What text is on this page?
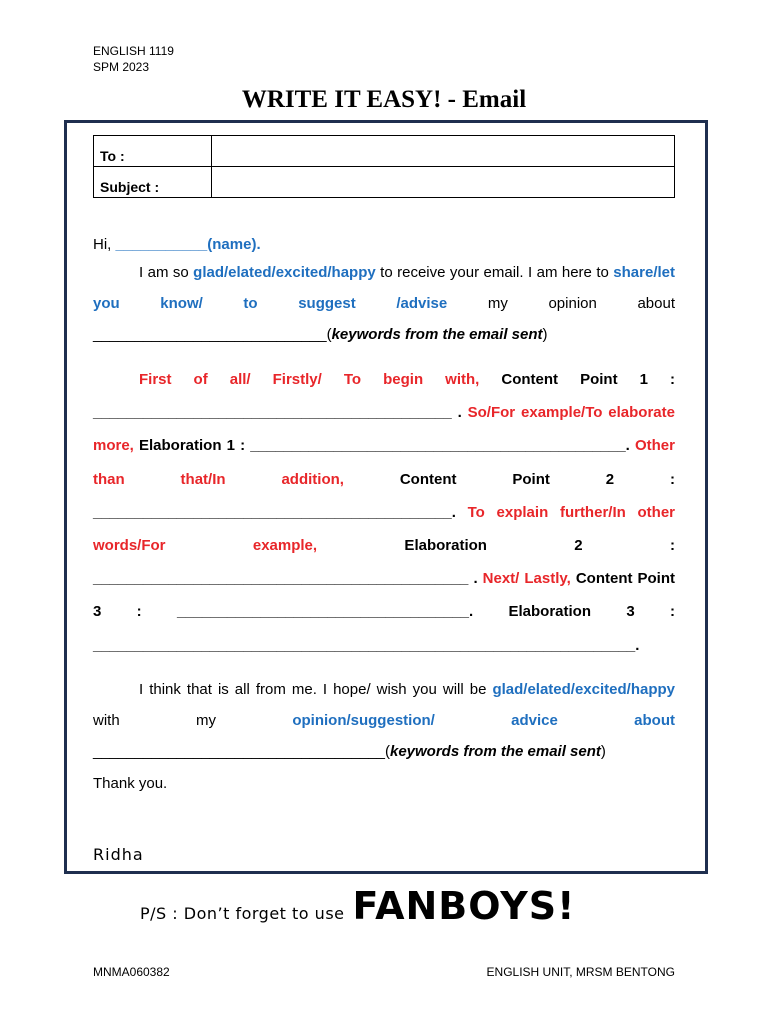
ENGLISH 1119
SPM 2023
WRITE IT EASY! - Email
To :	
Subject :	
Hi, ___________(name).
I am so glad/elated/excited/happy to receive your email. I am here to share/let you know/ to suggest /advise my opinion about ____________________________(keywords from the email sent)
First of all/ Firstly/ To begin with, Content Point 1 : ___________________________________________ . So/For example/To elaborate more, Elaboration 1 : _____________________________________________. Other than that/In addition, Content Point 2 : ___________________________________________. To explain further/In other words/For example, Elaboration 2 : _____________________________________________ . Next/ Lastly, Content Point 3 : ___________________________________. Elaboration 3 : _________________________________________________________________.
I think that is all from me. I hope/ wish you will be glad/elated/excited/happy with my opinion/suggestion/ advice about ___________________________________(keywords from the email sent)
Thank you.
Ridha
P/S : Don’t forget to use FANBOYS!
MNMA060382	ENGLISH UNIT, MRSM BENTONG
